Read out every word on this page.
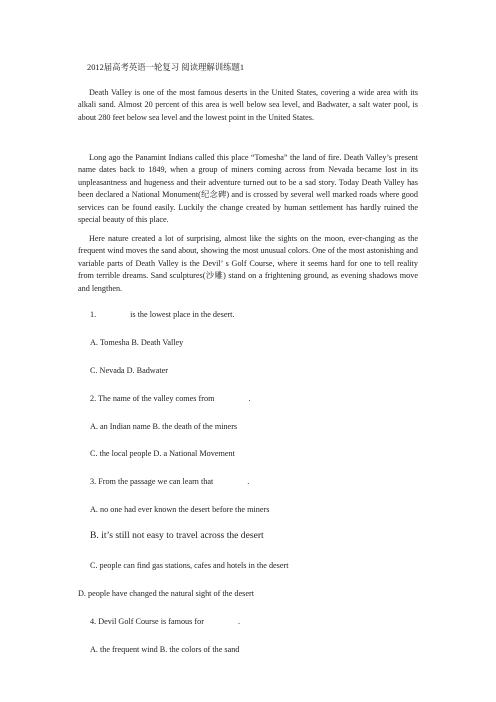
2012届高考英语一轮复习 阅读理解训练题1

Death Valley is one of the most famous deserts in the United States, covering a wide area with its alkali sand. Almost 20 percent of this area is well below sea level, and Badwater, a salt water pool, is about 280 feet below sea level and the lowest point in the United States.

Long ago the Panamint Indians called this place “Tomesha” the land of fire. Death Valley’s present name dates back to 1849, when a group of miners coming across from Nevada became lost in its unpleasantness and hugeness and their adventure turned out to be a sad story. Today Death Valley has been declared a National Monument(纪念碑) and is crossed by several well marked roads where good services can be found easily. Luckily the change created by human settlement has hardly ruined the special beauty of this place.

Here nature created a lot of surprising, almost like the sights on the moon, ever-changing as the frequent wind moves the sand about, showing the most unusual colors. One of the most astonishing and variable parts of Death Valley is the Devil’ s Golf Course, where it seems hard for one to tell reality from terrible dreams. Sand sculptures(沙雕) stand on a frightening ground, as evening shadows move and lengthen.

1.	is the lowest place in the desert.
A. Tomesha B. Death Valley
C. Nevada D. Badwater
2. The name of the valley comes from	.
A. an Indian name B. the death of the miners
C. the local people D. a National Movement
3. From the passage we can learn that	.
A. no one had ever known the desert before the miners
B. it’s still not easy to travel across the desert
C. people can find gas stations, cafes and hotels in the desert
D. people have changed the natural sight of the desert
4. Devil Golf Course is famous for	.
A. the frequent wind B. the colors of the sand
